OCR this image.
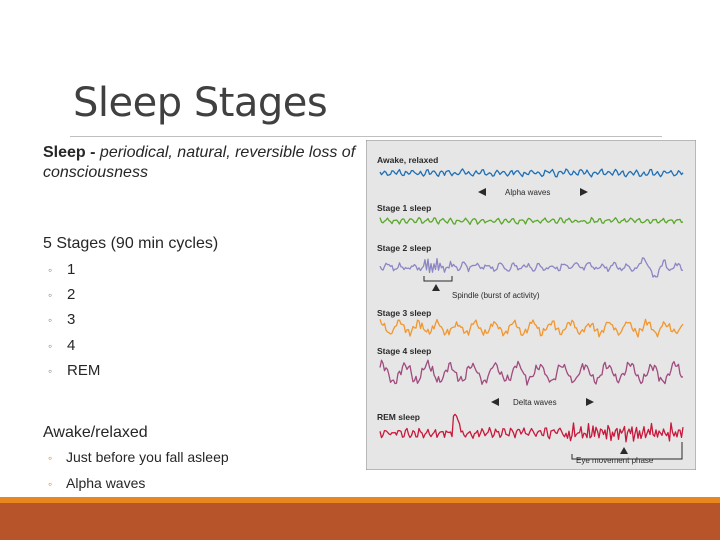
Sleep Stages
Sleep - periodical, natural, reversible loss of consciousness
5 Stages (90 min cycles)
◦ 1
◦ 2
◦ 3
◦ 4
◦ REM
Awake/relaxed
◦ Just before you fall asleep
◦ Alpha waves
Awake, relaxed
Stage 1 sleep
Stage 2 sleep
Stage 3 sleep
Stage 4 sleep
REM sleep
Alpha waves
Spindle (burst of activity)
Delta waves
Eye movement phase
